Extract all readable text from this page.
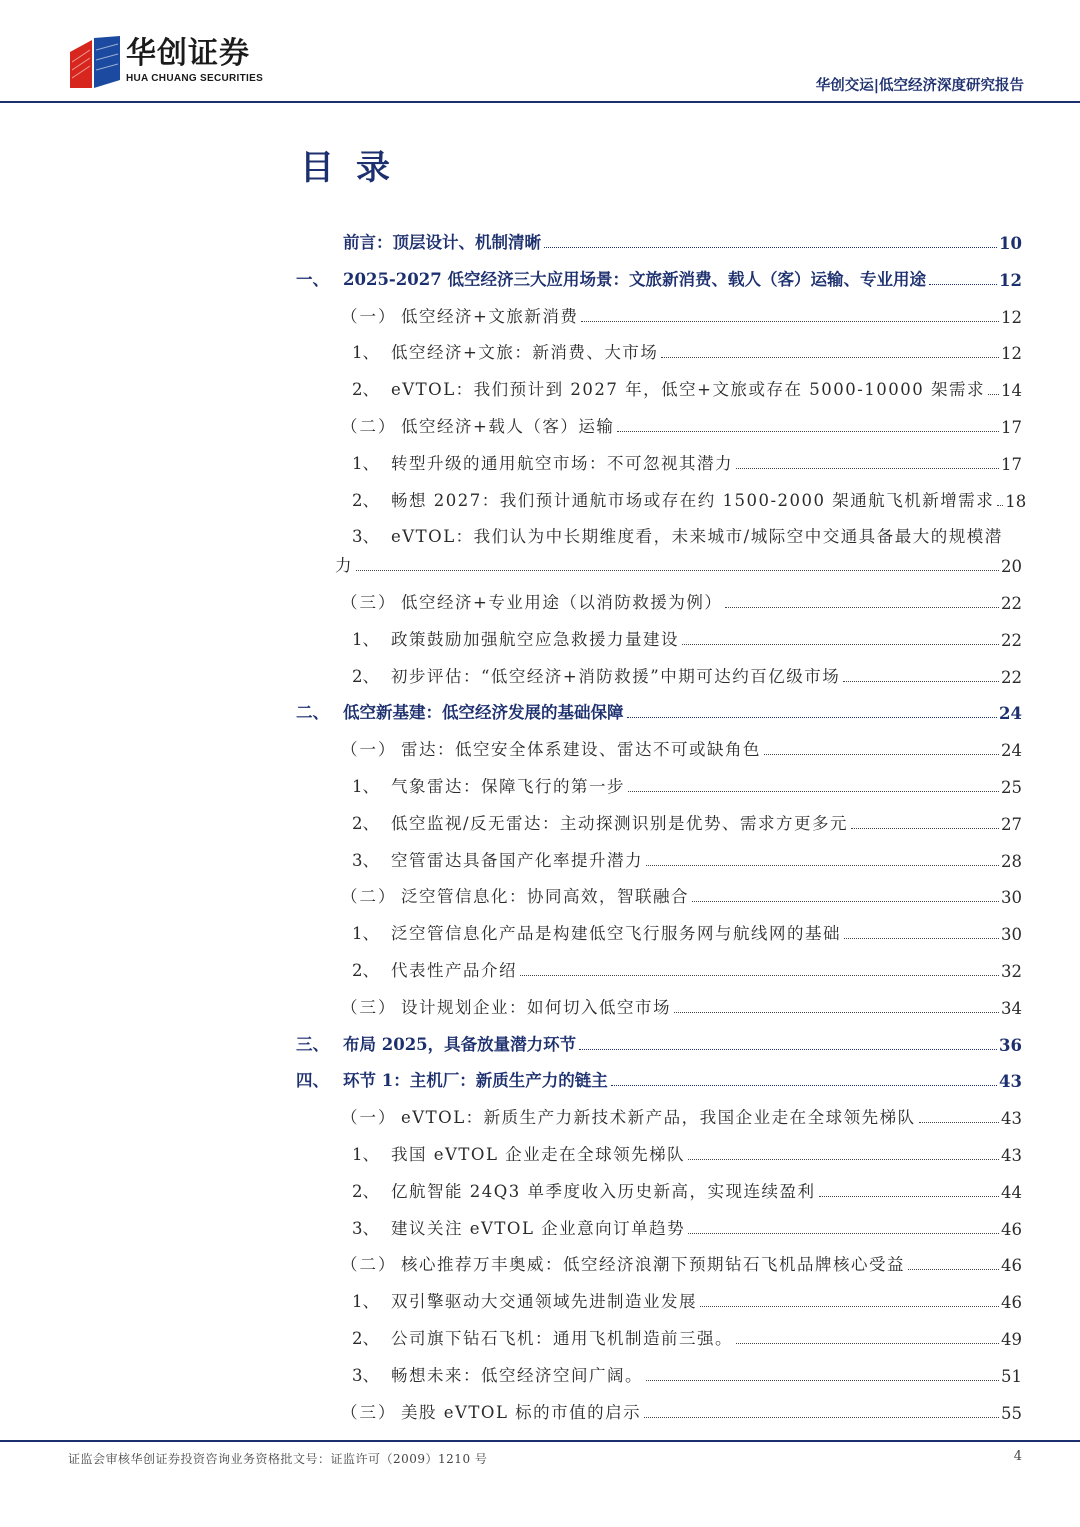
华创证券
HUA CHUANG SECURITIES	华创交运|低空经济深度研究报告
目录
前言：顶层设计、机制清晰	10
一、 2025-2027 低空经济三大应用场景：文旅新消费、载人（客）运输、专业用途	12
（一） 低空经济+文旅新消费	12
1、 低空经济+文旅：新消费、大市场	12
2、 eVTOL：我们预计到 2027 年，低空+文旅或存在 5000-10000 架需求 14
（二） 低空经济+载人（客）运输	17
1、 转型升级的通用航空市场：不可忽视其潜力	17
2、 畅想 2027：我们预计通航市场或存在约 1500-2000 架通航飞机新增需求 18
3、 eVTOL：我们认为中长期维度看，未来城市/城际空中交通具备最大的规模潜
力	20
（三） 低空经济+专业用途（以消防救援为例）	22
1、 政策鼓励加强航空应急救援力量建设	22
2、 初步评估：“低空经济+消防救援”中期可达约百亿级市场	22
二、 低空新基建：低空经济发展的基础保障	24
（一） 雷达：低空安全体系建设、雷达不可或缺角色	24
1、 气象雷达：保障飞行的第一步	25
2、 低空监视/反无雷达：主动探测识别是优势、需求方更多元	27
3、 空管雷达具备国产化率提升潜力	28
（二） 泛空管信息化：协同高效，智联融合	30
1、 泛空管信息化产品是构建低空飞行服务网与航线网的基础	30
2、 代表性产品介绍	32
（三） 设计规划企业：如何切入低空市场	34
三、 布局 2025，具备放量潜力环节	36
四、 环节 1：主机厂：新质生产力的链主	43
（一） eVTOL：新质生产力新技术新产品，我国企业走在全球领先梯队	43
1、 我国 eVTOL 企业走在全球领先梯队	43
2、 亿航智能 24Q3 单季度收入历史新高，实现连续盈利	44
3、 建议关注 eVTOL 企业意向订单趋势	46
（二） 核心推荐万丰奥威：低空经济浪潮下预期钻石飞机品牌核心受益	46
1、 双引擎驱动大交通领域先进制造业发展	46
2、 公司旗下钻石飞机：通用飞机制造前三强。	49
3、 畅想未来：低空经济空间广阔。	51
（三） 美股 eVTOL 标的市值的启示	55
证监会审核华创证券投资咨询业务资格批文号：证监许可（2009）1210 号	4
